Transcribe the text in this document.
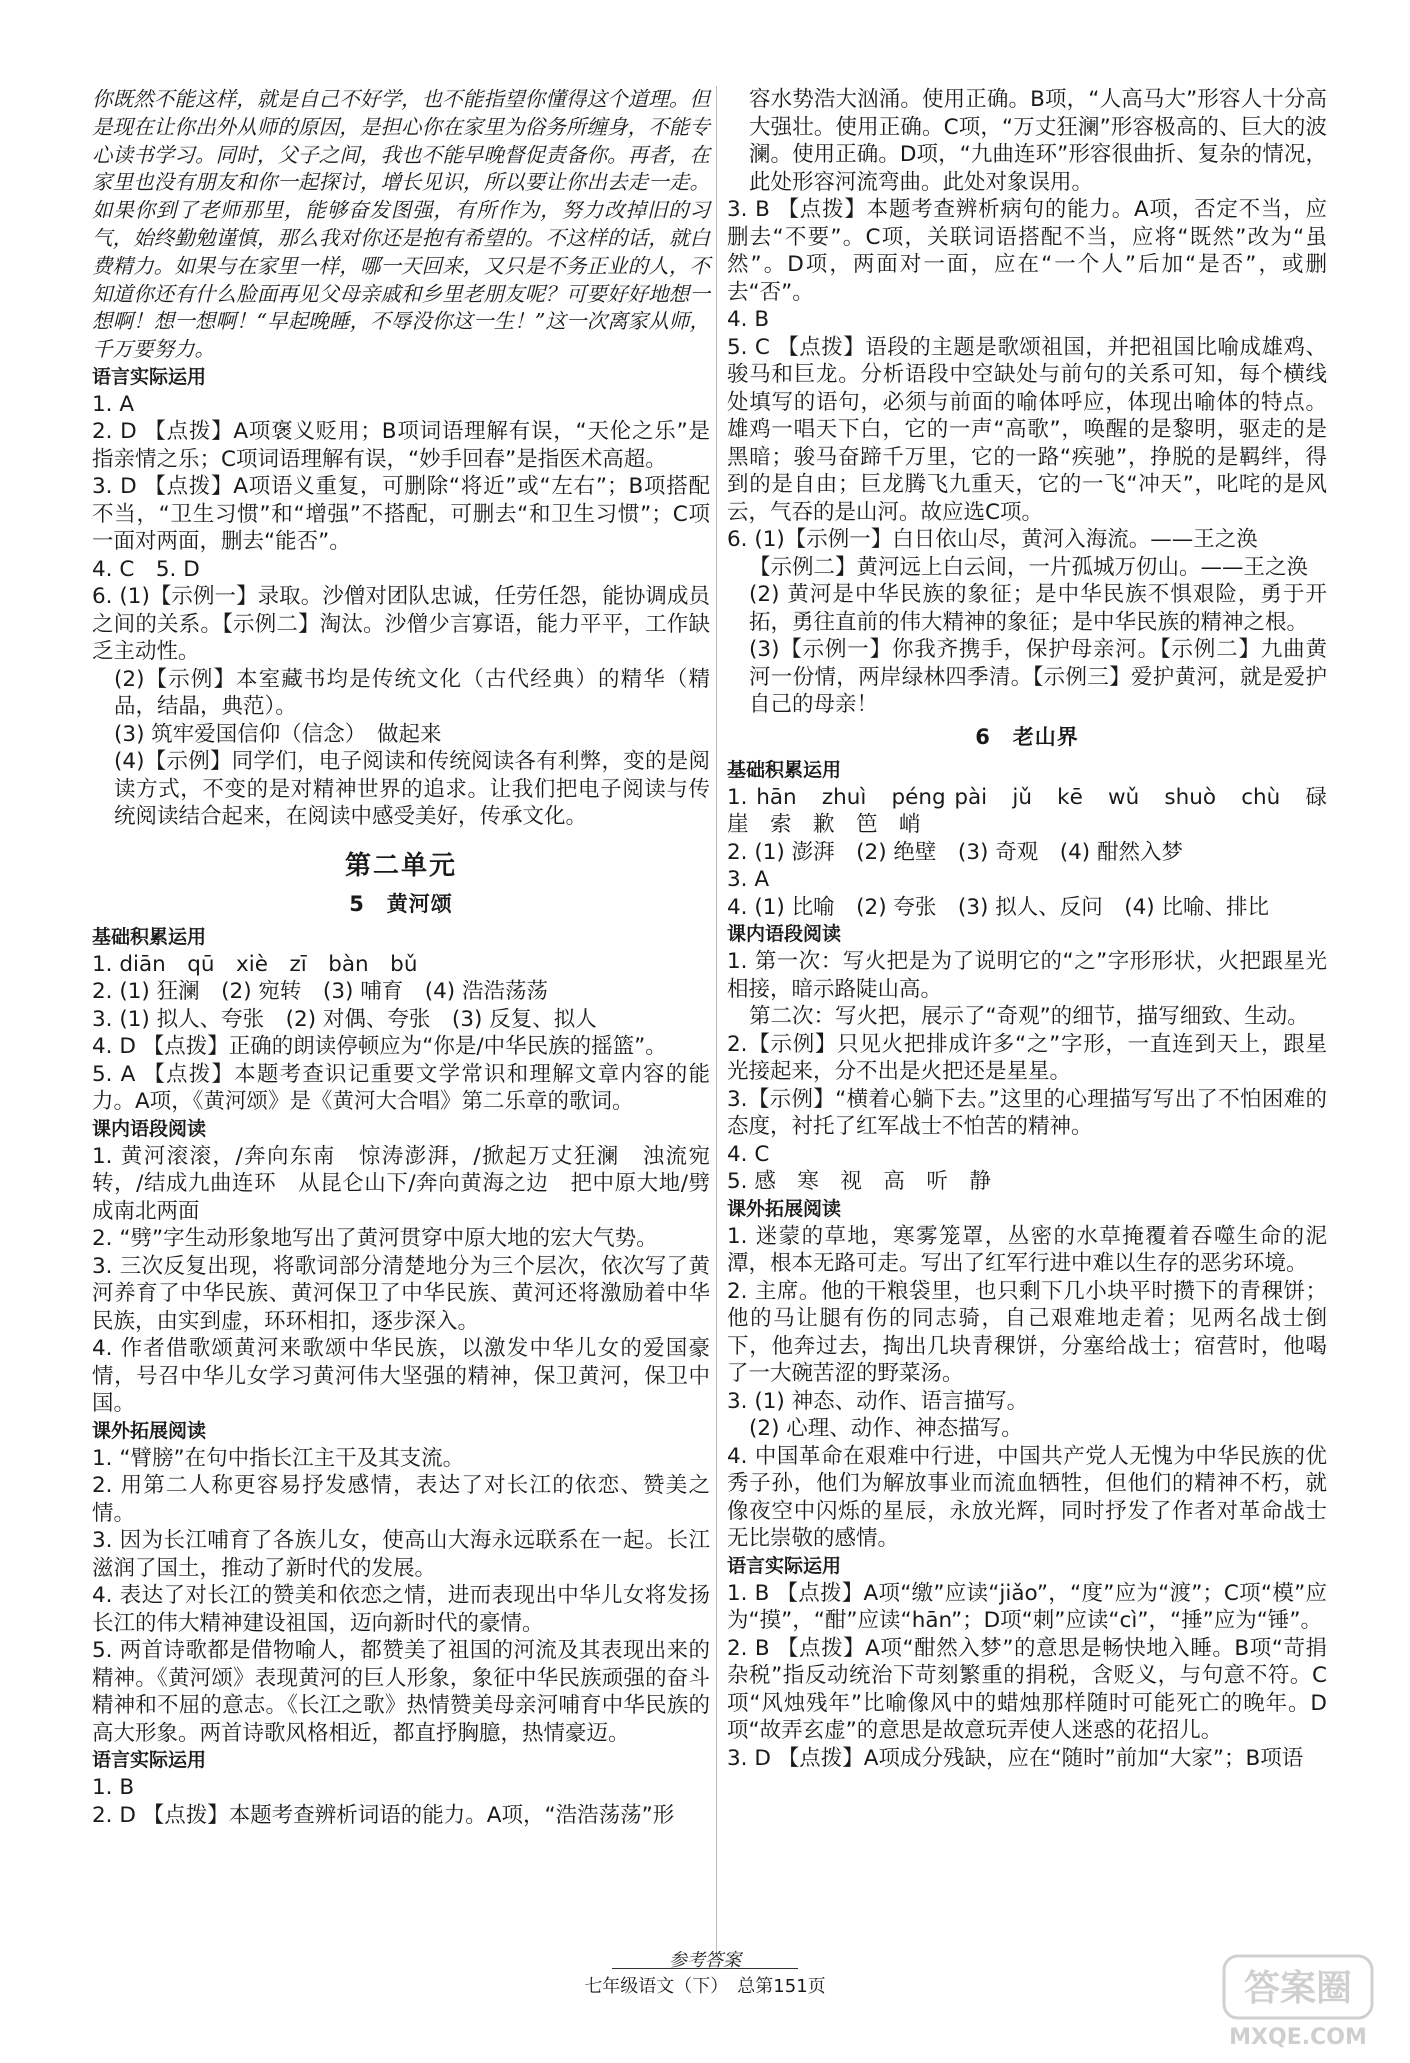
你既然不能这样，就是自己不好学，也不能指望你懂得这个道理。但是现在让你出外从师的原因，是担心你在家里为俗务所缠身，不能专心读书学习。同时，父子之间，我也不能早晚督促责备你。再者，在家里也没有朋友和你一起探讨，增长见识，所以要让你出去走一走。如果你到了老师那里，能够奋发图强，有所作为，努力改掉旧的习气，始终勤勉谨慎，那么我对你还是抱有希望的。不这样的话，就白费精力。如果与在家里一样，哪一天回来，又只是不务正业的人，不知道你还有什么脸面再见父母亲戚和乡里老朋友呢？可要好好地想一想啊！想一想啊！“早起晚睡，不辱没你这一生！”这一次离家从师，千万要努力。

语言实际运用

1. A

2. D 【点拨】A项褒义贬用；B项词语理解有误，“天伦之乐”是指亲情之乐；C项词语理解有误，“妙手回春”是指医术高超。

3. D 【点拨】A项语义重复，可删除“将近”或“左右”；B项搭配不当，“卫生习惯”和“增强”不搭配，可删去“和卫生习惯”；C项一面对两面，删去“能否”。

4. C　5. D

6. (1)【示例一】录取。沙僧对团队忠诚，任劳任怨，能协调成员之间的关系。【示例二】淘汰。沙僧少言寡语，能力平平，工作缺乏主动性。

(2)【示例】本室藏书均是传统文化（古代经典）的精华（精品，结晶，典范）。

(3) 筑牢爱国信仰（信念）　做起来

(4)【示例】同学们，电子阅读和传统阅读各有利弊，变的是阅读方式，不变的是对精神世界的追求。让我们把电子阅读与传统阅读结合起来，在阅读中感受美好，传承文化。

第二单元
5　黄河颂

基础积累运用

1. diān　qū　xiè　zī　bàn　bǔ

2. (1) 狂澜　(2) 宛转　(3) 哺育　(4) 浩浩荡荡

3. (1) 拟人、夸张　(2) 对偶、夸张　(3) 反复、拟人

4. D 【点拨】正确的朗读停顿应为“你是/中华民族的摇篮”。

5. A 【点拨】本题考查识记重要文学常识和理解文章内容的能力。A项，《黄河颂》是《黄河大合唱》第二乐章的歌词。

课内语段阅读

1. 黄河滚滚，/奔向东南　惊涛澎湃，/掀起万丈狂澜　浊流宛转，/结成九曲连环　从昆仑山下/奔向黄海之边　把中原大地/劈成南北两面

2. “劈”字生动形象地写出了黄河贯穿中原大地的宏大气势。

3. 三次反复出现，将歌词部分清楚地分为三个层次，依次写了黄河养育了中华民族、黄河保卫了中华民族、黄河还将激励着中华民族，由实到虚，环环相扣，逐步深入。

4. 作者借歌颂黄河来歌颂中华民族，以激发中华儿女的爱国豪情，号召中华儿女学习黄河伟大坚强的精神，保卫黄河，保卫中国。

课外拓展阅读

1. “臂膀”在句中指长江主干及其支流。

2. 用第二人称更容易抒发感情，表达了对长江的依恋、赞美之情。

3. 因为长江哺育了各族儿女，使高山大海永远联系在一起。长江滋润了国土，推动了新时代的发展。

4. 表达了对长江的赞美和依恋之情，进而表现出中华儿女将发扬长江的伟大精神建设祖国，迈向新时代的豪情。

5. 两首诗歌都是借物喻人，都赞美了祖国的河流及其表现出来的精神。《黄河颂》表现黄河的巨人形象，象征中华民族顽强的奋斗精神和不屈的意志。《长江之歌》热情赞美母亲河哺育中华民族的高大形象。两首诗歌风格相近，都直抒胸臆，热情豪迈。

语言实际运用

1. B

2. D 【点拨】本题考查辨析词语的能力。A项，“浩浩荡荡”形

容水势浩大汹涌。使用正确。B项，“人高马大”形容人十分高大强壮。使用正确。C项，“万丈狂澜”形容极高的、巨大的波澜。使用正确。D项，“九曲连环”形容很曲折、复杂的情况，此处形容河流弯曲。此处对象误用。

3. B 【点拨】本题考查辨析病句的能力。A项，否定不当，应删去“不要”。C项，关联词语搭配不当，应将“既然”改为“虽然”。D项，两面对一面，应在“一个人”后加“是否”，或删去“否”。

4. B

5. C 【点拨】语段的主题是歌颂祖国，并把祖国比喻成雄鸡、骏马和巨龙。分析语段中空缺处与前句的关系可知，每个横线处填写的语句，必须与前面的喻体呼应，体现出喻体的特点。雄鸡一唱天下白，它的一声“高歌”，唤醒的是黎明，驱走的是黑暗；骏马奋蹄千万里，它的一路“疾驰”，挣脱的是羁绊，得到的是自由；巨龙腾飞九重天，它的一飞“冲天”，叱咤的是风云，气吞的是山河。故应选C项。

6. (1)【示例一】白日依山尽，黄河入海流。——王之涣

【示例二】黄河远上白云间，一片孤城万仞山。——王之涣

(2) 黄河是中华民族的象征；是中华民族不惧艰险，勇于开拓，勇往直前的伟大精神的象征；是中华民族的精神之根。

(3)【示例一】你我齐携手，保护母亲河。【示例二】九曲黄河一份情，两岸绿林四季清。【示例三】爱护黄河，就是爱护自己的母亲！

6　老山界

基础积累运用

1. hān　zhuì　péng pài　jǔ　kē　wǔ　shuò　chù　碌　崖　索　歉　笆　峭

2. (1) 澎湃　(2) 绝壁　(3) 奇观　(4) 酣然入梦

3. A

4. (1) 比喻　(2) 夸张　(3) 拟人、反问　(4) 比喻、排比

课内语段阅读

1. 第一次：写火把是为了说明它的“之”字形形状，火把跟星光相接，暗示路陡山高。

第二次：写火把，展示了“奇观”的细节，描写细致、生动。

2.【示例】只见火把排成许多“之”字形，一直连到天上，跟星光接起来，分不出是火把还是星星。

3.【示例】“横着心躺下去。”这里的心理描写写出了不怕困难的态度，衬托了红军战士不怕苦的精神。

4. C

5. 感　寒　视　高　听　静

课外拓展阅读

1. 迷蒙的草地，寒雾笼罩，丛密的水草掩覆着吞噬生命的泥潭，根本无路可走。写出了红军行进中难以生存的恶劣环境。

2. 主席。他的干粮袋里，也只剩下几小块平时攒下的青稞饼；他的马让腿有伤的同志骑，自己艰难地走着；见两名战士倒下，他奔过去，掏出几块青稞饼，分塞给战士；宿营时，他喝了一大碗苦涩的野菜汤。

3. (1) 神态、动作、语言描写。

(2) 心理、动作、神态描写。

4. 中国革命在艰难中行进，中国共产党人无愧为中华民族的优秀子孙，他们为解放事业而流血牺牲，但他们的精神不朽，就像夜空中闪烁的星辰，永放光辉，同时抒发了作者对革命战士无比崇敬的感情。

语言实际运用

1. B 【点拨】A项“缴”应读“jiǎo”，“度”应为“渡”；C项“模”应为“摸”，“酣”应读“hān”；D项“刺”应读“cì”，“捶”应为“锤”。

2. B 【点拨】A项“酣然入梦”的意思是畅快地入睡。B项“苛捐杂税”指反动统治下苛刻繁重的捐税，含贬义，与句意不符。C项“风烛残年”比喻像风中的蜡烛那样随时可能死亡的晚年。D项“故弄玄虚”的意思是故意玩弄使人迷惑的花招儿。

3. D 【点拨】A项成分残缺，应在“随时”前加“大家”；B项语

参考答案
七年级语文（下）　总第151页	答案圈
MXQE.COM
